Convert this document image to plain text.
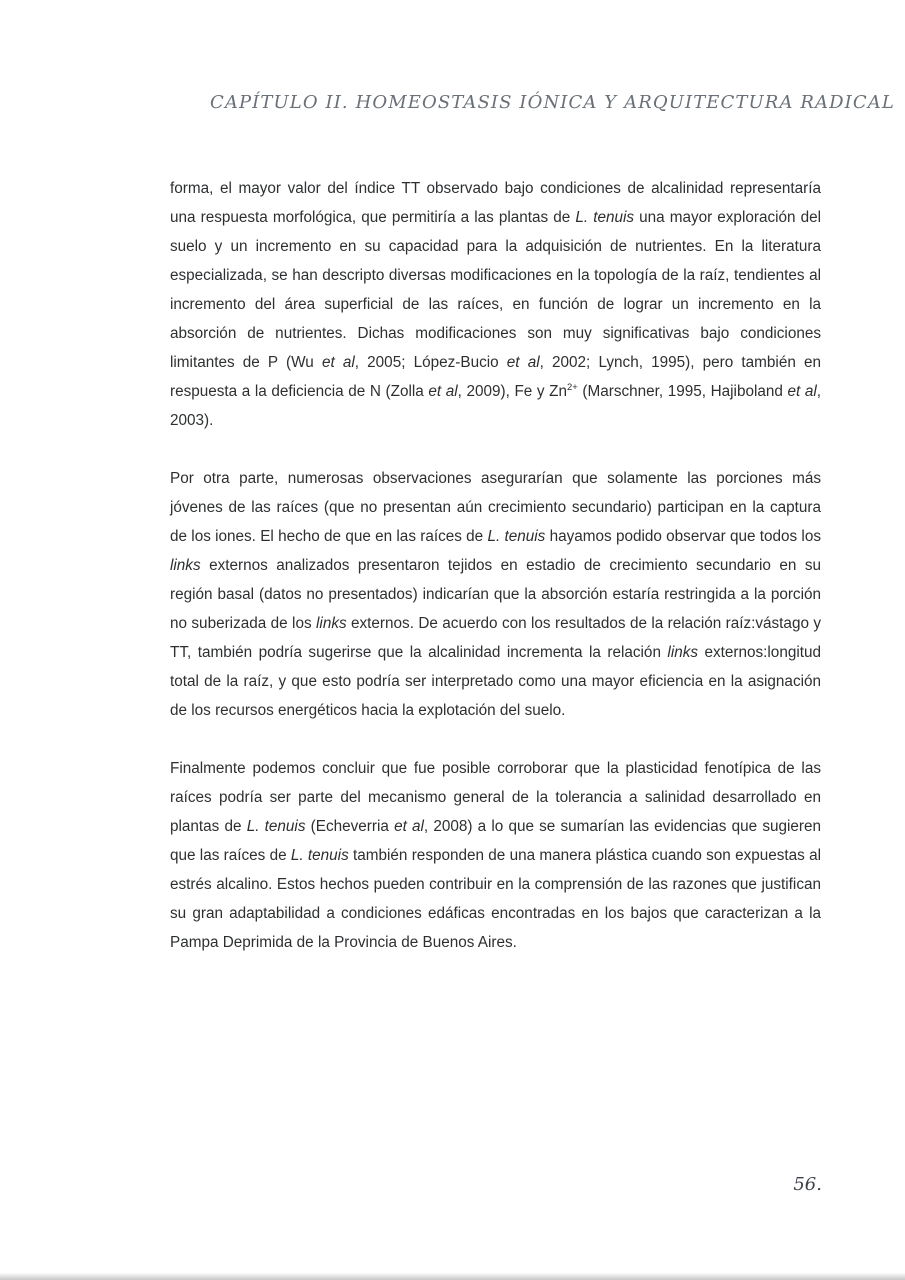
CAPÍTULO II. HOMEOSTASIS IÓNICA Y ARQUITECTURA RADICAL

forma, el mayor valor del índice TT observado bajo condiciones de alcalinidad representaría una respuesta morfológica, que permitiría a las plantas de L. tenuis una mayor exploración del suelo y un incremento en su capacidad para la adquisición de nutrientes. En la literatura especializada, se han descripto diversas modificaciones en la topología de la raíz, tendientes al incremento del área superficial de las raíces, en función de lograr un incremento en la absorción de nutrientes. Dichas modificaciones son muy significativas bajo condiciones limitantes de P (Wu et al, 2005; López-Bucio et al, 2002; Lynch, 1995), pero también en respuesta a la deficiencia de N (Zolla et al, 2009), Fe y $Zn^{2+}$ (Marschner, 1995, Hajiboland et al, 2003).

Por otra parte, numerosas observaciones asegurarían que solamente las porciones más jóvenes de las raíces (que no presentan aún crecimiento secundario) participan en la captura de los iones. El hecho de que en las raíces de L. tenuis hayamos podido observar que todos los links externos analizados presentaron tejidos en estadio de crecimiento secundario en su región basal (datos no presentados) indicarían que la absorción estaría restringida a la porción no suberizada de los links externos. De acuerdo con los resultados de la relación raíz:vástago y TT, también podría sugerirse que la alcalinidad incrementa la relación links externos:longitud total de la raíz, y que esto podría ser interpretado como una mayor eficiencia en la asignación de los recursos energéticos hacia la explotación del suelo.

Finalmente podemos concluir que fue posible corroborar que la plasticidad fenotípica de las raíces podría ser parte del mecanismo general de la tolerancia a salinidad desarrollado en plantas de L. tenuis (Echeverria et al, 2008) a lo que se sumarían las evidencias que sugieren que las raíces de L. tenuis también responden de una manera plástica cuando son expuestas al estrés alcalino. Estos hechos pueden contribuir en la comprensión de las razones que justifican su gran adaptabilidad a condiciones edáficas encontradas en los bajos que caracterizan a la Pampa Deprimida de la Provincia de Buenos Aires.

56.
